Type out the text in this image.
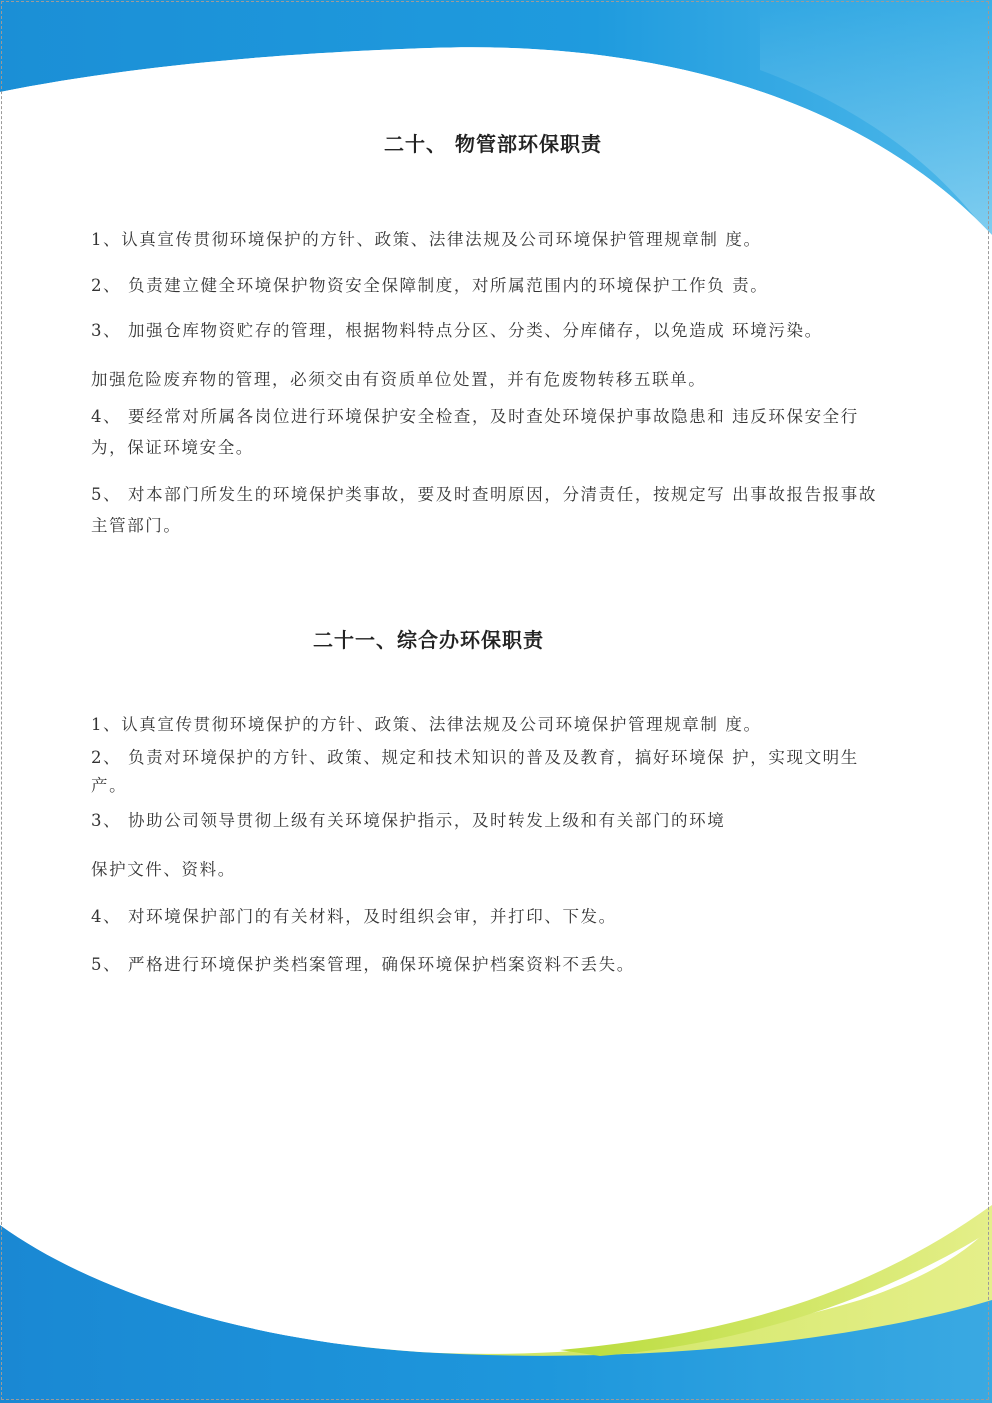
二十、 物管部环保职责
1、认真宣传贯彻环境保护的方针、政策、法律法规及公司环境保护管理规章制 度。
2、 负责建立健全环境保护物资安全保障制度，对所属范围内的环境保护工作负 责。
3、 加强仓库物资贮存的管理，根据物料特点分区、分类、分库储存，以免造成 环境污染。
加强危险废弃物的管理，必须交由有资质单位处置，并有危废物转移五联单。
4、 要经常对所属各岗位进行环境保护安全检查，及时查处环境保护事故隐患和 违反环保安全行为，保证环境安全。
5、 对本部门所发生的环境保护类事故，要及时查明原因，分清责任，按规定写 出事故报告报事故主管部门。
二十一、综合办环保职责
1、认真宣传贯彻环境保护的方针、政策、法律法规及公司环境保护管理规章制 度。
2、 负责对环境保护的方针、政策、规定和技术知识的普及及教育，搞好环境保 护，实现文明生产。
3、 协助公司领导贯彻上级有关环境保护指示，及时转发上级和有关部门的环境
保护文件、资料。
4、 对环境保护部门的有关材料，及时组织会审，并打印、下发。
5、 严格进行环境保护类档案管理，确保环境保护档案资料不丢失。
